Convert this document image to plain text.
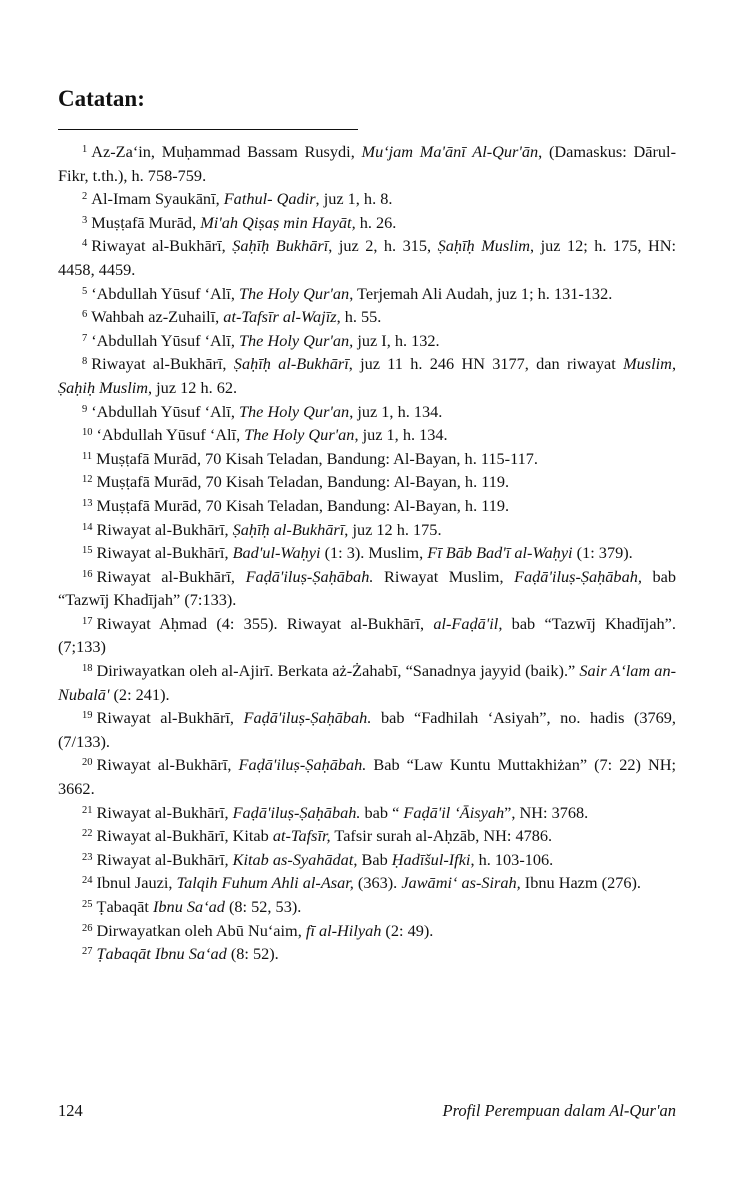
Catatan:
$^1$ Az-Za‘in, Muḥammad Bassam Rusydi, Mu‘jam Ma'ānī Al-Qur'ān, (Damaskus: Dārul- Fikr, t.th.), h. 758-759.
$^2$ Al-Imam Syaukānī, Fathul- Qadir, juz 1, h. 8.
$^3$ Muṣṭafā Murād, Mi'ah Qiṣaṣ min Hayāt, h. 26.
$^4$ Riwayat al-Bukhārī, Ṣaḥīḥ Bukhārī, juz 2, h. 315, Ṣaḥīḥ Muslim, juz 12; h. 175, HN: 4458, 4459.
$^5$ ‘Abdullah Yūsuf ‘Alī, The Holy Qur'an, Terjemah Ali Audah, juz 1; h. 131-132.
$^6$ Wahbah az-Zuhailī, at-Tafsīr al-Wajīz, h. 55.
$^7$ ‘Abdullah Yūsuf ‘Alī, The Holy Qur'an, juz I, h. 132.
$^8$ Riwayat al-Bukhārī, Ṣaḥīḥ al-Bukhārī, juz 11 h. 246 HN 3177, dan riwayat Muslim, Ṣaḥiḥ Muslim, juz 12 h. 62.
$^9$ ‘Abdullah Yūsuf ‘Alī, The Holy Qur'an, juz 1, h. 134.
$^{10}$ ‘Abdullah Yūsuf ‘Alī, The Holy Qur'an, juz 1, h. 134.
$^{11}$ Muṣṭafā Murād, 70 Kisah Teladan, Bandung: Al-Bayan, h. 115-117.
$^{12}$ Muṣṭafā Murād, 70 Kisah Teladan, Bandung: Al-Bayan, h. 119.
$^{13}$ Muṣṭafā Murād, 70 Kisah Teladan, Bandung: Al-Bayan, h. 119.
$^{14}$ Riwayat al-Bukhārī, Ṣaḥīḥ al-Bukhārī, juz 12 h. 175.
$^{15}$ Riwayat al-Bukhārī, Bad'ul-Waḥyi (1: 3). Muslim, Fī Bāb Bad'ī al-Waḥyi (1: 379).
$^{16}$ Riwayat al-Bukhārī, Faḍā'iluṣ-Ṣaḥābah. Riwayat Muslim, Faḍā'iluṣ-Ṣaḥābah, bab “Tazwīj Khadījah” (7:133).
$^{17}$ Riwayat Aḥmad (4: 355). Riwayat al-Bukhārī, al-Faḍā'il, bab “Tazwīj Khadījah”.(7;133)
$^{18}$ Diriwayatkan oleh al-Ajirī. Berkata aż-Żahabī, “Sanadnya jayyid (baik).” Sair A‘lam an-Nubalā' (2: 241).
$^{19}$ Riwayat al-Bukhārī, Faḍā'iluṣ-Ṣaḥābah. bab “Fadhilah ‘Asiyah”, no. hadis (3769, (7/133).
$^{20}$ Riwayat al-Bukhārī, Faḍā'iluṣ-Ṣaḥābah. Bab “Law Kuntu Muttakhiżan” (7: 22) NH; 3662.
$^{21}$ Riwayat al-Bukhārī, Faḍā'iluṣ-Ṣaḥābah. bab “ Faḍā'il ‘Āisyah”, NH: 3768.
$^{22}$ Riwayat al-Bukhārī, Kitab at-Tafsīr, Tafsir surah al-Aḥzāb, NH: 4786.
$^{23}$ Riwayat al-Bukhārī, Kitab as-Syahādat, Bab Ḥadīšul-Ifki, h. 103-106.
$^{24}$ Ibnul Jauzi, Talqih Fuhum Ahli al-Asar, (363). Jawāmi‘ as-Sirah, Ibnu Hazm (276).
$^{25}$ Ṭabaqāt Ibnu Sa‘ad (8: 52, 53).
$^{26}$ Dirwayatkan oleh Abū Nu‘aim, fī al-Hilyah (2: 49).
$^{27}$ Ṭabaqāt Ibnu Sa‘ad (8: 52).
124	Profil Perempuan dalam Al-Qur'an
